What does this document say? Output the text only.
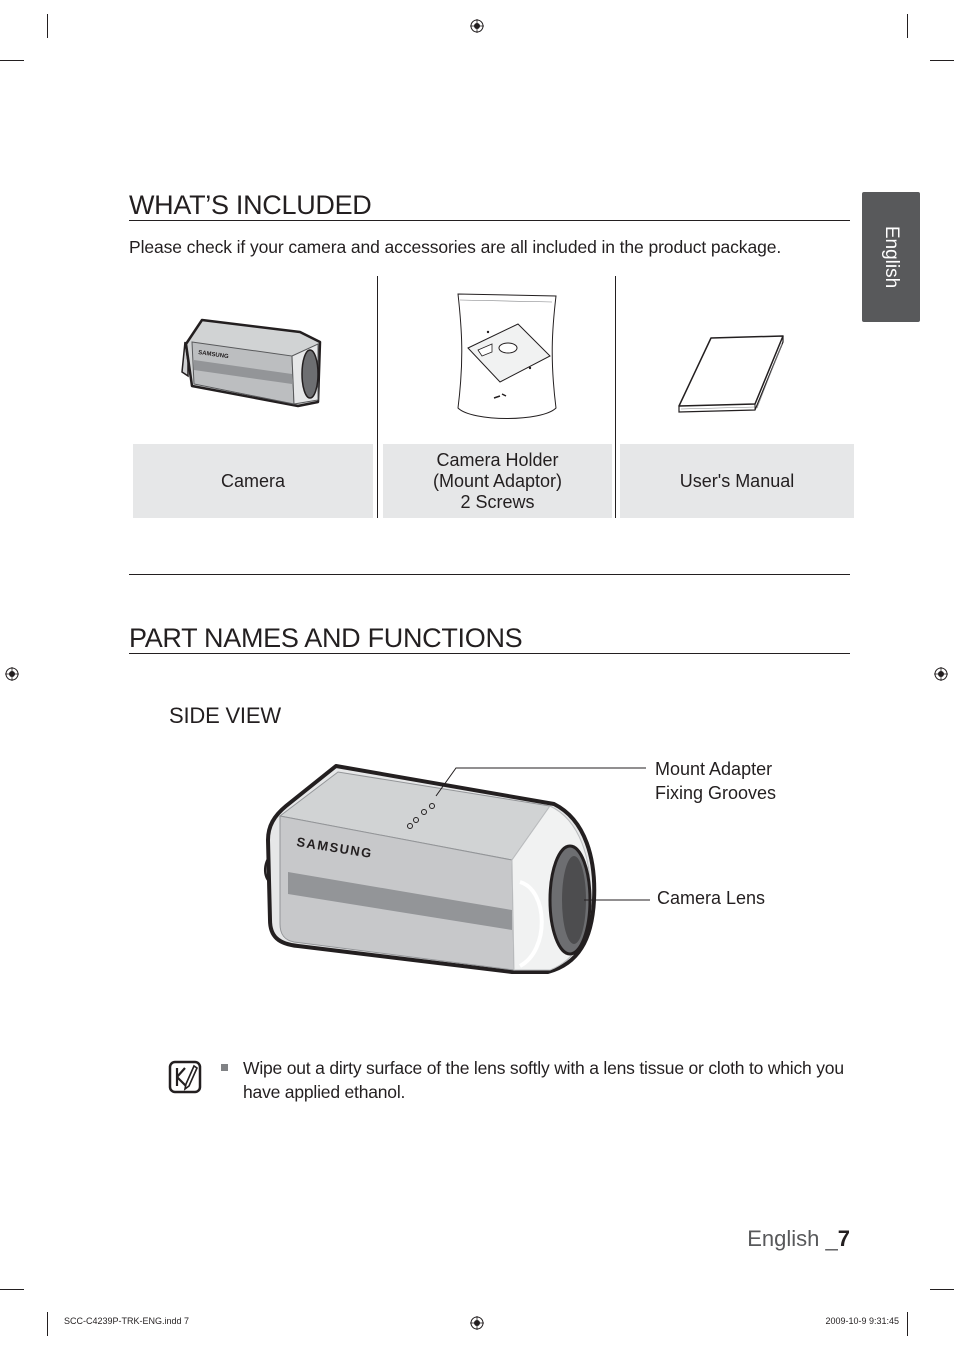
English
WHAT’S INCLUDED
Please check if your camera and accessories are all included in the product package.
SAMSUNG
Camera
Camera Holder
(Mount Adaptor)
2 Screws
User's Manual
PART NAMES AND FUNCTIONS
SIDE VIEW
SAMSUNG
Mount Adapter
Fixing Grooves
Camera Lens
Wipe out a dirty surface of the lens softly with a lens tissue or cloth to which you have applied ethanol.
English _7
SCC-C4239P-TRK-ENG.indd 7	2009-10-9 9:31:45
